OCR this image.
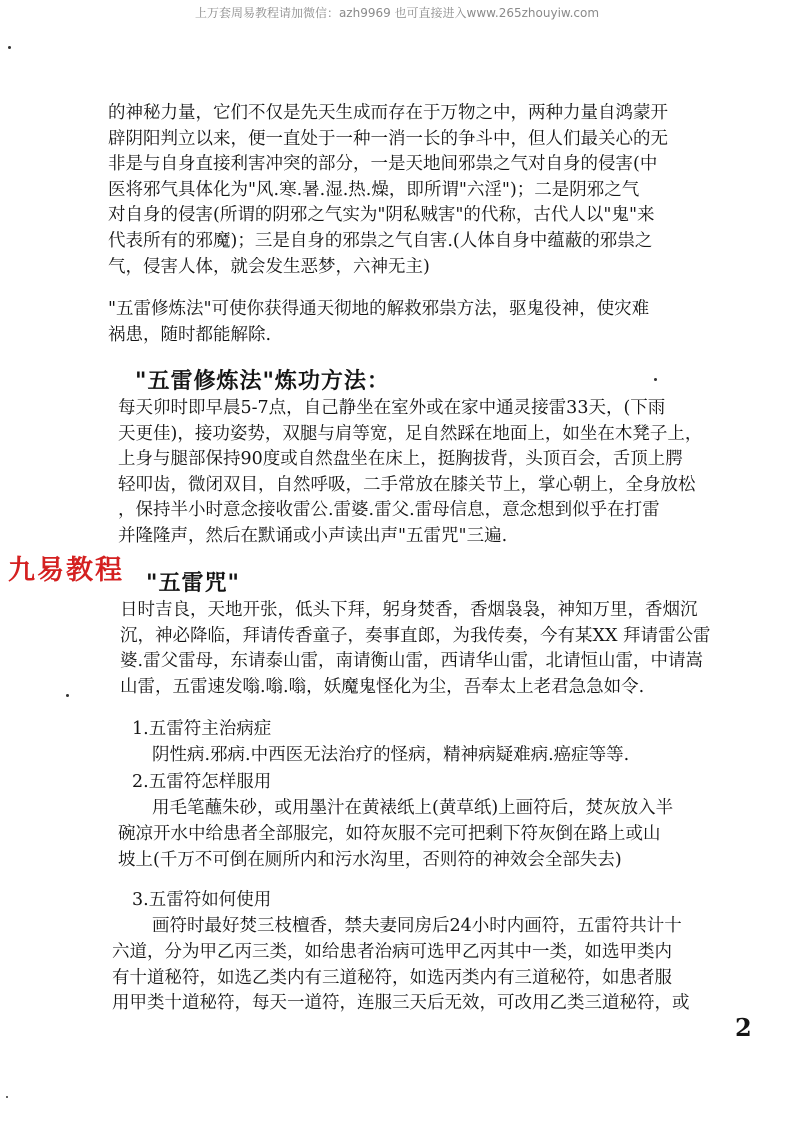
上万套周易教程请加微信：azh9969 也可直接进入www.265zhouyiw.com
的神秘力量，它们不仅是先天生成而存在于万物之中，两种力量自鸿蒙开
辟阴阳判立以来，便一直处于一种一消一长的争斗中，但人们最关心的无
非是与自身直接利害冲突的部分，一是天地间邪祟之气对自身的侵害(中
医将邪气具体化为"风.寒.暑.湿.热.燥，即所谓"六淫")；二是阴邪之气
对自身的侵害(所谓的阴邪之气实为"阴私贼害"的代称，古代人以"鬼"来
代表所有的邪魔)；三是自身的邪祟之气自害.(人体自身中蕴蔽的邪祟之
气，侵害人体，就会发生恶梦，六神无主)
"五雷修炼法"可使你获得通天彻地的解救邪祟方法，驱鬼役神，使灾难
祸患，随时都能解除.
"五雷修炼法"炼功方法：
每天卯时即早晨5-7点，自己静坐在室外或在家中通灵接雷33天，(下雨
天更佳)，接功姿势，双腿与肩等宽，足自然踩在地面上，如坐在木凳子上，
上身与腿部保持90度或自然盘坐在床上，挺胸拔背，头顶百会，舌顶上腭
轻叩齿，微闭双目，自然呼吸，二手常放在膝关节上，掌心朝上，全身放松
，保持半小时意念接收雷公.雷婆.雷父.雷母信息，意念想到似乎在打雷
并隆隆声，然后在默诵或小声读出声"五雷咒"三遍.
九易教程 "五雷咒"
日时吉良，天地开张，低头下拜，躬身焚香，香烟袅袅，神知万里，香烟沉
沉，神必降临，拜请传香童子，奏事直郎，为我传奏，今有某XX 拜请雷公雷
婆.雷父雷母，东请泰山雷，南请衡山雷，西请华山雷，北请恒山雷，中请嵩
山雷，五雷速发嗡.嗡.嗡，妖魔鬼怪化为尘，吾奉太上老君急急如令.
1.五雷符主治病症
阴性病.邪病.中西医无法治疗的怪病，精神病疑难病.癌症等等.
2.五雷符怎样服用
用毛笔蘸朱砂，或用墨汁在黄裱纸上(黄草纸)上画符后，焚灰放入半
碗凉开水中给患者全部服完，如符灰服不完可把剩下符灰倒在路上或山
坡上(千万不可倒在厕所内和污水沟里，否则符的神效会全部失去)
3.五雷符如何使用
画符时最好焚三枝檀香，禁夫妻同房后24小时内画符，五雷符共计十
六道，分为甲乙丙三类，如给患者治病可选甲乙丙其中一类，如选甲类内
有十道秘符，如选乙类内有三道秘符，如选丙类内有三道秘符，如患者服
用甲类十道秘符，每天一道符，连服三天后无效，可改用乙类三道秘符，或
2
